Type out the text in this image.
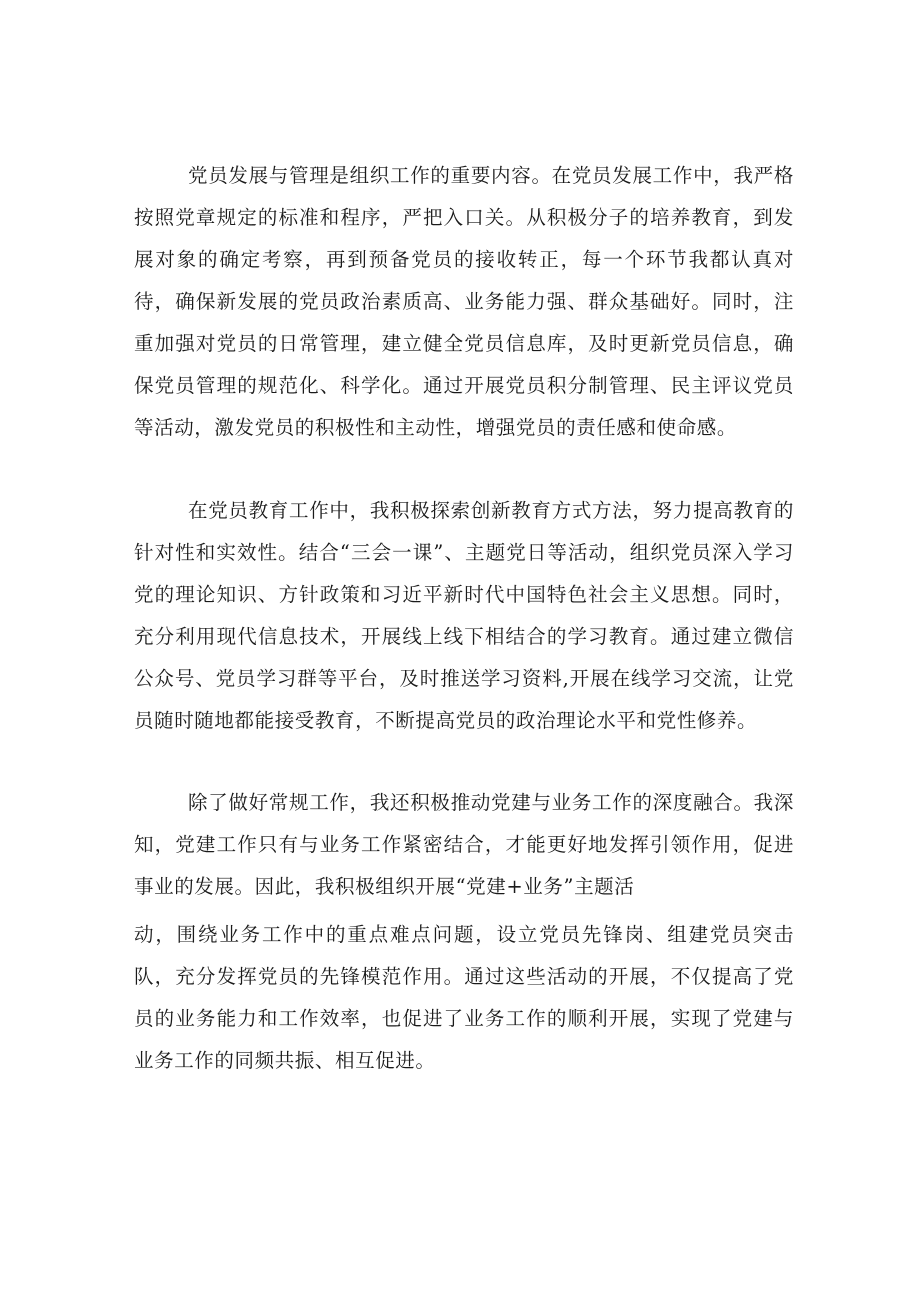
党员发展与管理是组织工作的重要内容。在党员发展工作中，我严格按照党章规定的标准和程序，严把入口关。从积极分子的培养教育，到发展对象的确定考察，再到预备党员的接收转正，每一个环节我都认真对待，确保新发展的党员政治素质高、业务能力强、群众基础好。同时，注重加强对党员的日常管理，建立健全党员信息库，及时更新党员信息，确保党员管理的规范化、科学化。通过开展党员积分制管理、民主评议党员等活动，激发党员的积极性和主动性，增强党员的责任感和使命感。

在党员教育工作中，我积极探索创新教育方式方法，努力提高教育的针对性和实效性。结合“三会一课”、主题党日等活动，组织党员深入学习党的理论知识、方针政策和习近平新时代中国特色社会主义思想。同时，充分利用现代信息技术，开展线上线下相结合的学习教育。通过建立微信公众号、党员学习群等平台，及时推送学习资料,开展在线学习交流，让党员随时随地都能接受教育，不断提高党员的政治理论水平和党性修养。

除了做好常规工作，我还积极推动党建与业务工作的深度融合。我深知，党建工作只有与业务工作紧密结合，才能更好地发挥引领作用，促进事业的发展。因此，我积极组织开展“党建+业务”主题活

动，围绕业务工作中的重点难点问题，设立党员先锋岗、组建党员突击队，充分发挥党员的先锋模范作用。通过这些活动的开展，不仅提高了党员的业务能力和工作效率，也促进了业务工作的顺利开展，实现了党建与业务工作的同频共振、相互促进。
